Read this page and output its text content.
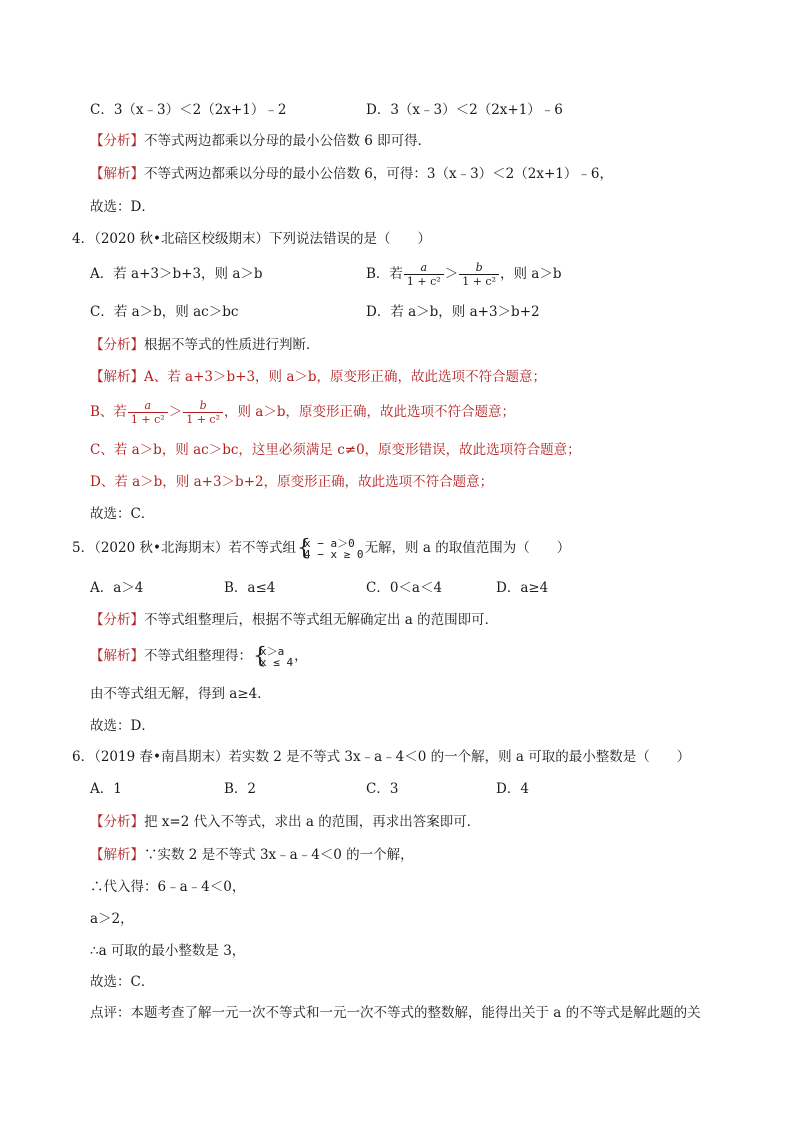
C．3（x﹣3）＜2（2x+1）﹣2	D．3（x﹣3）＜2（2x+1）﹣6
【分析】不等式两边都乘以分母的最小公倍数 6 即可得．
【解析】不等式两边都乘以分母的最小公倍数 6，可得：3（x﹣3）＜2（2x+1）﹣6，
故选：D．
4．（2020 秋•北碚区校级期末）下列说法错误的是（　　）
A．若 a+3＞b+3，则 a＞b	B．若 $\frac{a}{\text{1 + c²}} > \frac{b}{\text{1 + c²}}$ ，则 a＞b
C．若 a＞b，则 ac＞bc	D．若 a＞b，则 a+3＞b+2
【分析】根据不等式的性质进行判断．
【解析】A、若 a+3＞b+3，则 a＞b，原变形正确，故此选项不符合题意；
B、若 $\frac{a}{\text{1 + c²}} > \frac{b}{\text{1 + c²}}$ ，则 a＞b，原变形正确，故此选项不符合题意；
C、若 a＞b，则 ac＞bc，这里必须满足 c≠0，原变形错误，故此选项符合题意；
D、若 a＞b，则 a+3＞b+2，原变形正确，故此选项不符合题意；
故选：C．
5．（2020 秋•北海期末）若不等式组 {
x − a＞0
4 − x ≥ 0 无解，则 a 的取值范围为（　　）
A．a＞4	B．a≤4	C．0＜a＜4	D．a≥4
【分析】不等式组整理后，根据不等式组无解确定出 a 的范围即可．
【解析】不等式组整理得： {
x＞a
x ≤ 4 ，
由不等式组无解，得到 a≥4．
故选：D．
6．（2019 春•南昌期末）若实数 2 是不等式 3x﹣a﹣4＜0 的一个解，则 a 可取的最小整数是（　　）
A．1	B．2	C．3	D．4
【分析】把 x=2 代入不等式，求出 a 的范围，再求出答案即可．
【解析】∵实数 2 是不等式 3x﹣a﹣4＜0 的一个解，
∴代入得：6﹣a﹣4＜0，
a＞2，
∴a 可取的最小整数是 3，
故选：C．
点评：本题考查了解一元一次不等式和一元一次不等式的整数解，能得出关于 a 的不等式是解此题的关
